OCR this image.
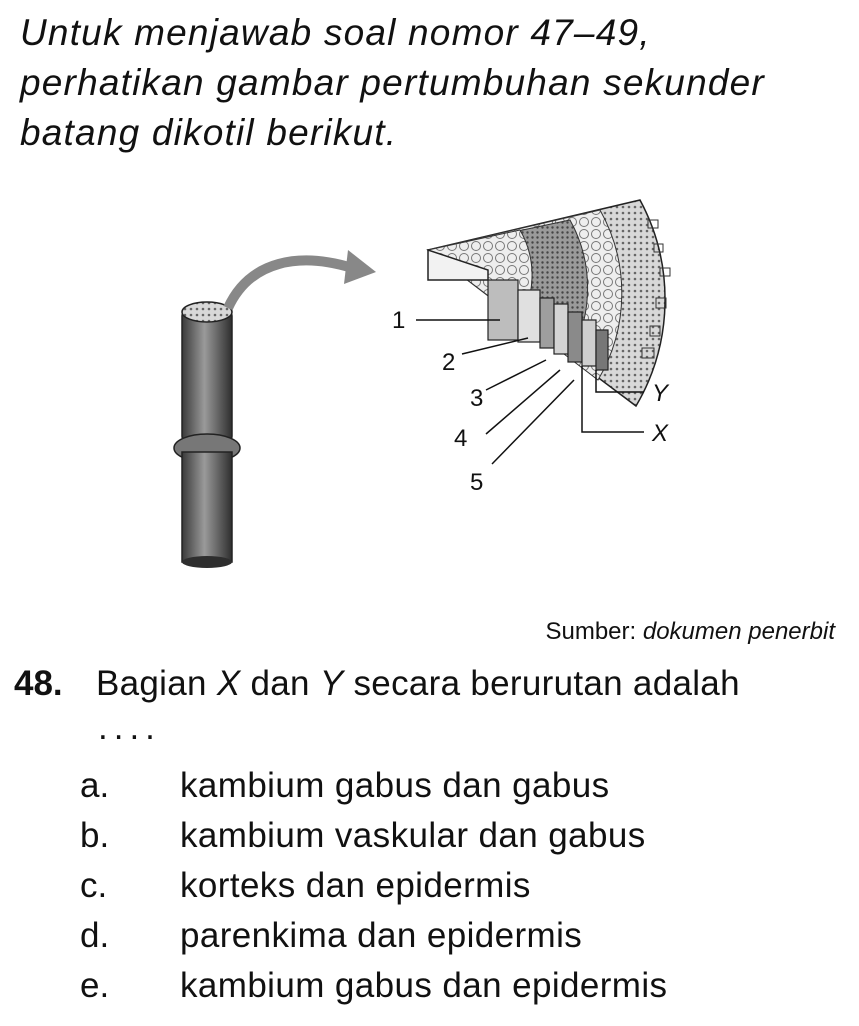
Untuk menjawab soal nomor 47–49,
perhatikan gambar pertumbuhan sekunder
batang dikotil berikut.

1
2
3
4
5
Y
X
Sumber: dokumen penerbit
48. Bagian X dan Y secara berurutan adalah
....
a. kambium gabus dan gabus
b. kambium vaskular dan gabus
c. korteks dan epidermis
d. parenkima dan epidermis
e. kambium gabus dan epidermis
